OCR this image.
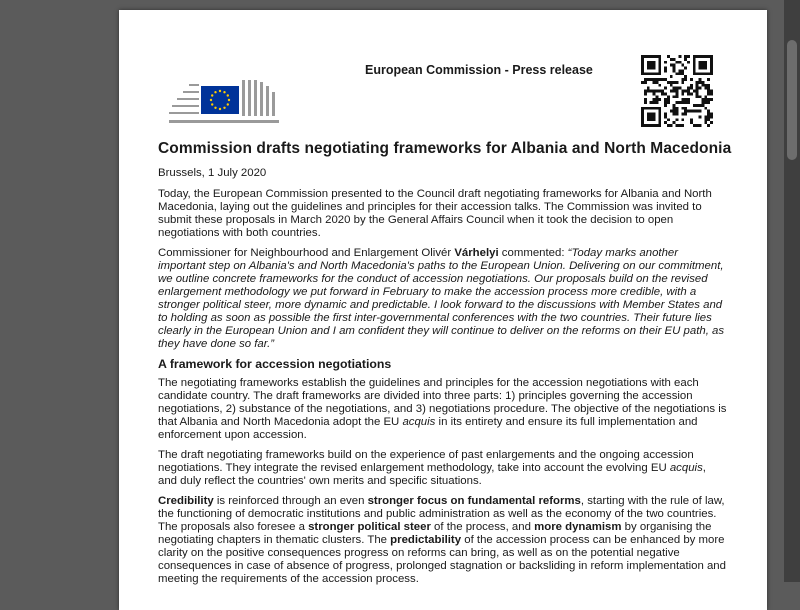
European Commission - Press release
Commission drafts negotiating frameworks for Albania and North Macedonia

Brussels, 1 July 2020

Today, the European Commission presented to the Council draft negotiating frameworks for Albania and North Macedonia, laying out the guidelines and principles for their accession talks. The Commission was invited to submit these proposals in March 2020 by the General Affairs Council when it took the decision to open negotiations with both countries.

Commissioner for Neighbourhood and Enlargement Olivér Várhelyi commented: “Today marks another important step on Albania's and North Macedonia's paths to the European Union. Delivering on our commitment, we outline concrete frameworks for the conduct of accession negotiations. Our proposals build on the revised enlargement methodology we put forward in February to make the accession process more credible, with a stronger political steer, more dynamic and predictable. I look forward to the discussions with Member States and to holding as soon as possible the first inter-governmental conferences with the two countries. Their future lies clearly in the European Union and I am confident they will continue to deliver on the reforms on their EU path, as they have done so far.”

A framework for accession negotiations

The negotiating frameworks establish the guidelines and principles for the accession negotiations with each candidate country. The draft frameworks are divided into three parts: 1) principles governing the accession negotiations, 2) substance of the negotiations, and 3) negotiations procedure. The objective of the negotiations is that Albania and North Macedonia adopt the EU acquis in its entirety and ensure its full implementation and enforcement upon accession.

The draft negotiating frameworks build on the experience of past enlargements and the ongoing accession negotiations. They integrate the revised enlargement methodology, take into account the evolving EU acquis, and duly reflect the countries' own merits and specific situations.

Credibility is reinforced through an even stronger focus on fundamental reforms, starting with the rule of law, the functioning of democratic institutions and public administration as well as the economy of the two countries. The proposals also foresee a stronger political steer of the process, and more dynamism by organising the negotiating chapters in thematic clusters. The predictability of the accession process can be enhanced by more clarity on the positive consequences progress on reforms can bring, as well as on the potential negative consequences in case of absence of progress, prolonged stagnation or backsliding in reform implementation and meeting the requirements of the accession process.
